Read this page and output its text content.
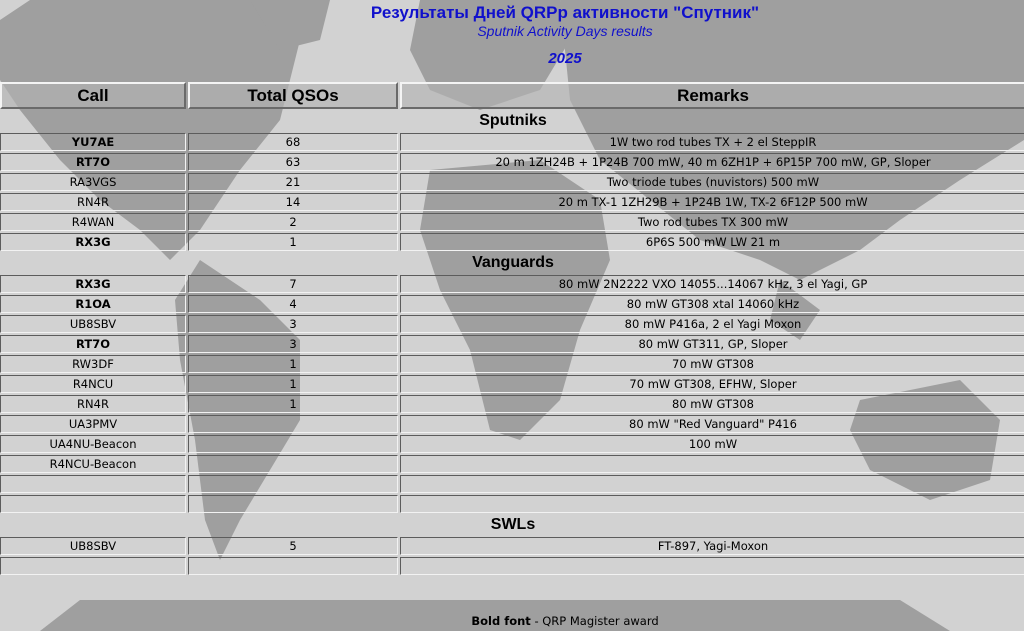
Результаты Дней QRPp активности "Спутник"
Sputnik Activity Days results
2025
Call	Total QSOs	Remarks
Sputniks		
YU7AE	68	1W two rod tubes TX + 2 el SteppIR
RT7O	63	20 m 1ZH24B + 1P24B 700 mW, 40 m 6ZH1P + 6P15P 700 mW, GP, Sloper
RA3VGS	21	Two triode tubes (nuvistors) 500 mW
RN4R	14	20 m TX-1 1ZH29B + 1P24B 1W, TX-2 6F12P 500 mW
R4WAN	2	Two rod tubes TX 300 mW
RX3G	1	6P6S 500 mW LW 21 m
Vanguards		
RX3G	7	80 mW 2N2222 VXO 14055...14067 kHz, 3 el Yagi, GP
R1OA	4	80 mW GT308 xtal 14060 kHz
UB8SBV	3	80 mW P416a, 2 el Yagi Moxon
RT7O	3	80 mW GT311, GP, Sloper
RW3DF	1	70 mW GT308
R4NCU	1	70 mW GT308, EFHW, Sloper
RN4R	1	80 mW GT308
UA3PMV		80 mW "Red Vanguard" P416
UA4NU-Beacon		100 mW
R4NCU-Beacon		

SWLs		
UB8SBV	5	FT-897, Yagi-Moxon

Bold font - QRP Magister award
